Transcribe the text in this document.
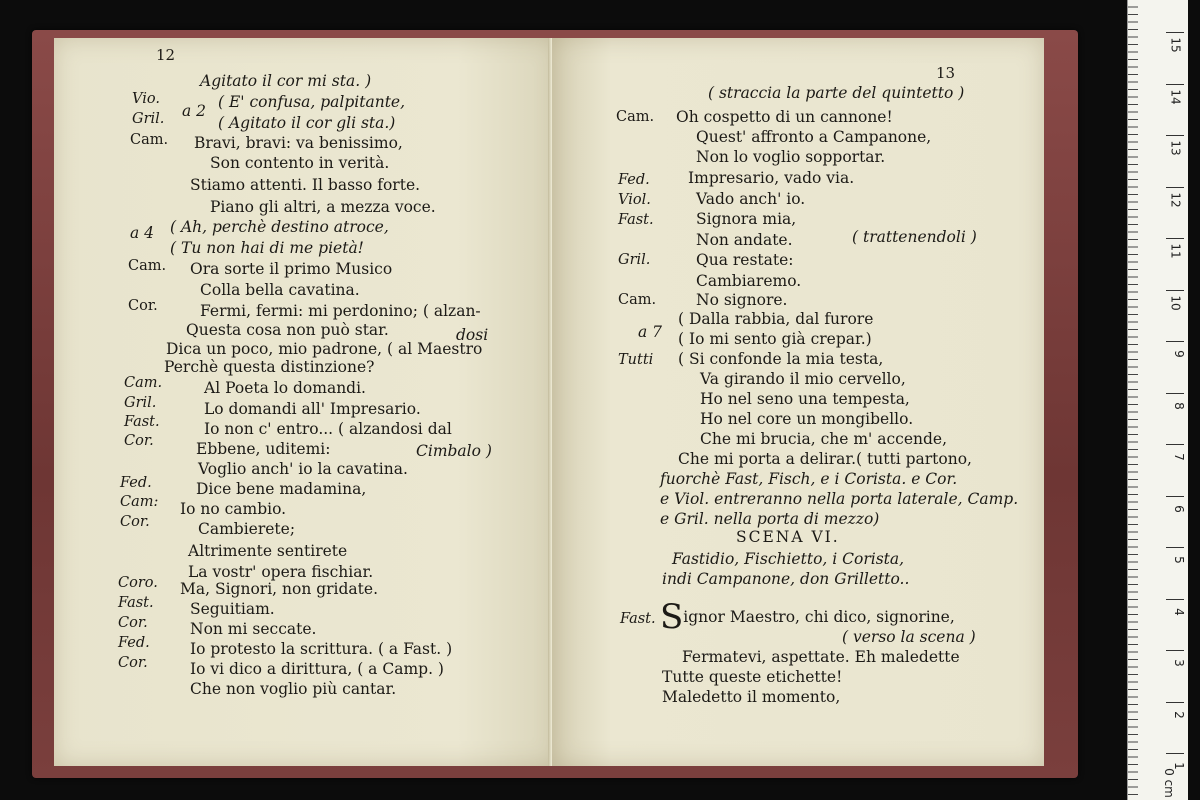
12
Agitato il cor mi sta. )
Vio.	( E' confusa, palpitante,
Gril.	( Agitato il cor gli sta.)
a 2
Cam. Bravi, bravi: va benissimo,
Son contento in verità.
Stiamo attenti. Il basso forte.
Piano gli altri, a mezza voce.
a 4 ( Ah, perchè destino atroce,
( Tu non hai di me pietà!
Cam. Ora sorte il primo Musico
Colla bella cavatina.
Cor.	Fermi, fermi: mi perdonino; ( alzan-
Questa cosa non può star.	dosi
Dica un poco, mio padrone, ( al Maestro
Perchè questa distinzione?
Cam.	Al Poeta lo domandi.
Gril.	Lo domandi all' Impresario.
Fast.	Io non c' entro... ( alzandosi dal
Cor.	Ebbene, uditemi:	Cimbalo )
Voglio anch' io la cavatina.
Fed.	Dice bene madamina,
Cam: Io no cambio.
Cor.	Cambierete;
Altrimente sentirete
La vostr' opera fischiar.
Coro. Ma, Signori, non gridate.
Fast. Seguitiam.
Cor.	Non mi seccate.
Fed.	Io protesto la scrittura. ( a Fast. )
Cor.	Io vi dico a dirittura, ( a Camp. )
Che non voglio più cantar.
13
( straccia la parte del quintetto )
Cam. Oh cospetto di un cannone!
Quest' affronto a Campanone,
Non lo voglio sopportar.
Fed. Impresario, vado via.
Viol.	Vado anch' io.
Fast.	Signora mia,
Non andate.	( trattenendoli )
Gril.	Qua restate:
Cambiaremo.
Cam.	No signore.
a 7
( Dalla rabbia, dal furore
( Io mi sento già crepar.)
Tutti ( Si confonde la mia testa,
Va girando il mio cervello,
Ho nel seno una tempesta,
Ho nel core un mongibello.
Che mi brucia, che m' accende,
Che mi porta a delirar.( tutti partono,
fuorchè Fast, Fisch, e i Corista. e Cor.
e Viol. entreranno nella porta laterale, Camp.
e Gril. nella porta di mezzo)
SCENA VI.
Fastidio, Fischietto, i Corista,
indi Campanone, don Grilletto..
Fast. Signor Maestro, chi dico, signorine,
( verso la scena )
Fermatevi, aspettate. Eh maledette
Tutte queste etichette!
Maledetto il momento,
15
14
13
12
11
10
9
8
7
6
5
4
3
2
1
0 cm
